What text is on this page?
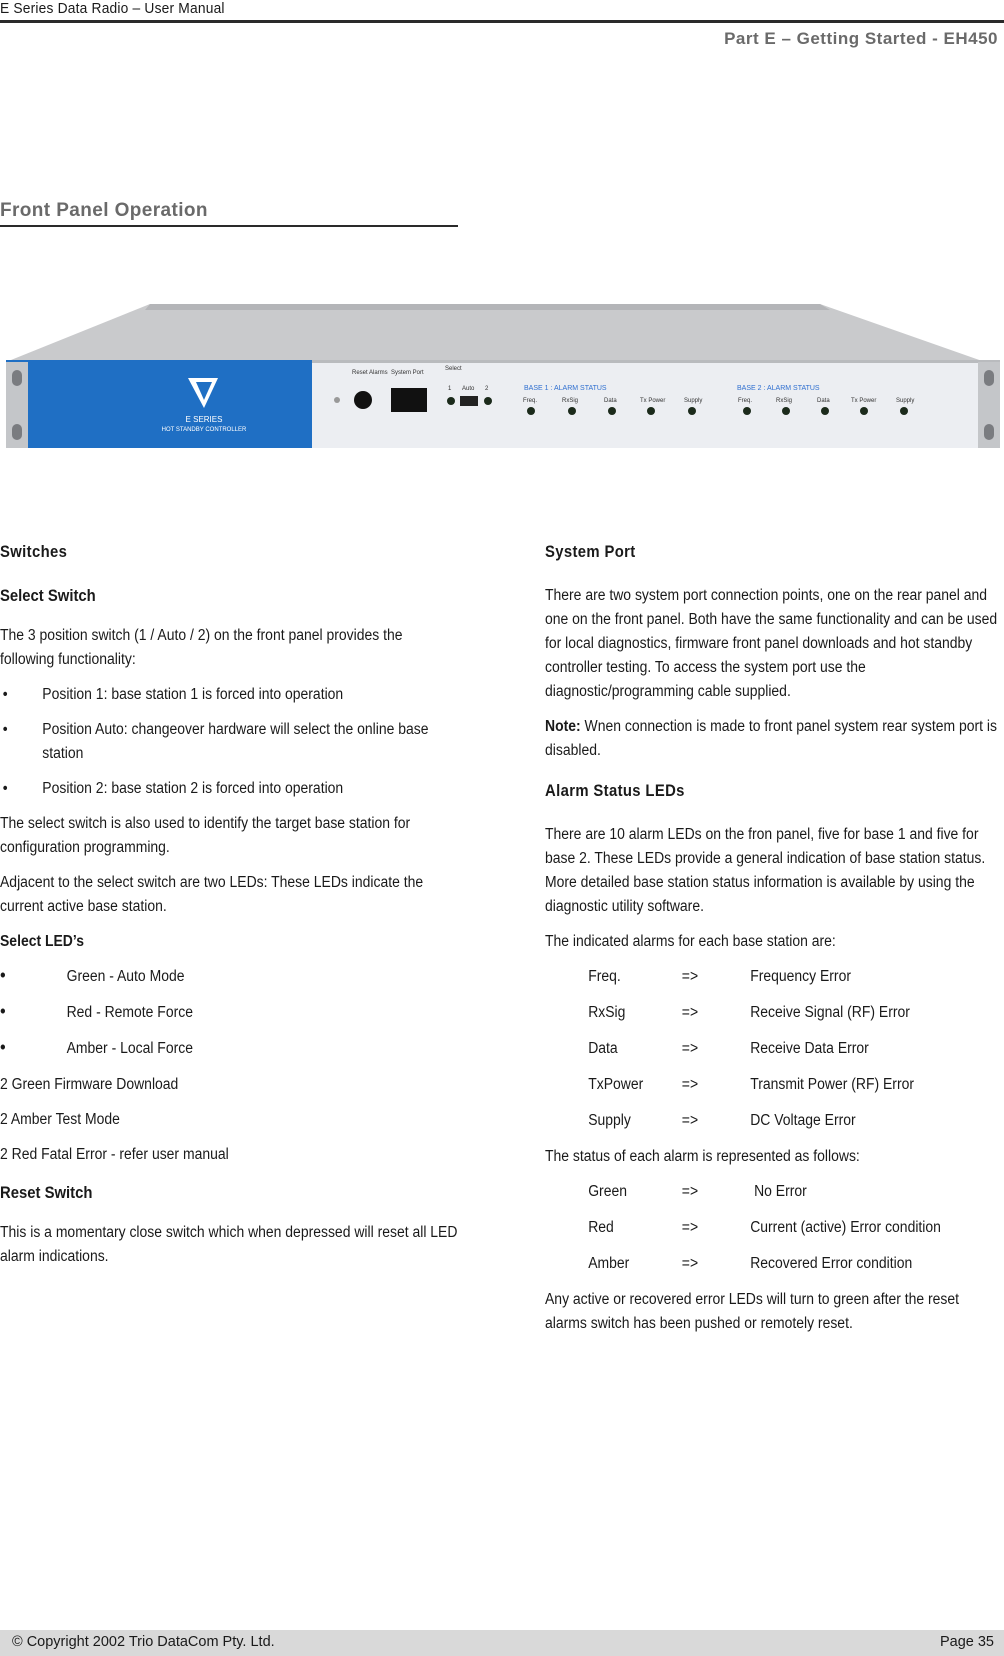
E Series Data Radio – User Manual
Part E – Getting Started - EH450
Front Panel Operation
E SERIES
HOT STANDBY CONTROLLER
Reset Alarms System Port
Select
BASE 1 : ALARM STATUS	BASE 2 : ALARM STATUS
Freq.	RxSig	Data	Tx Power	Supply	Freq.	RxSig	Data	Tx Power	Supply
1 Auto 2
Switches
Select Switch

The 3 position switch (1 / Auto / 2) on the front panel provides the following functionality:

• Position 1: base station 1 is forced into operation
• Position Auto: changeover hardware will select the online base station
• Position 2: base station 2 is forced into operation

The select switch is also used to identify the target base station for configuration programming.

Adjacent to the select switch are two LEDs: These LEDs indicate the current active base station.

Select LED’s

•	Green - Auto Mode
•	Red - Remote Force
•	Amber - Local Force

2 Green Firmware Download

2 Amber Test Mode

2 Red Fatal Error - refer user manual

Reset Switch

This is a momentary close switch which when depressed will reset all LED alarm indications.

System Port

There are two system port connection points, one on the rear panel and one on the front panel. Both have the same functionality and can be used for local diagnostics, firmware front panel downloads and hot standby controller testing. To access the system port use the diagnostic/programming cable supplied.

Note: Wnen connection is made to front panel system rear system port is disabled.

Alarm Status LEDs

There are 10 alarm LEDs on the fron panel, five for base 1 and five for base 2. These LEDs provide a general indication of base station status. More detailed base station status information is available by using the diagnostic utility software.

The indicated alarms for each base station are:

Freq.	=>	Frequency Error
RxSig	=>	Receive Signal (RF) Error
Data	=>	Receive Data Error
TxPower	=>	Transmit Power (RF) Error
Supply	=>	DC Voltage Error

The status of each alarm is represented as follows:

Green	=>	No Error
Red	=>	Current (active) Error condition
Amber	=>	Recovered Error condition

Any active or recovered error LEDs will turn to green after the reset alarms switch has been pushed or remotely reset.

© Copyright 2002 Trio DataCom Pty. Ltd.	Page 35
